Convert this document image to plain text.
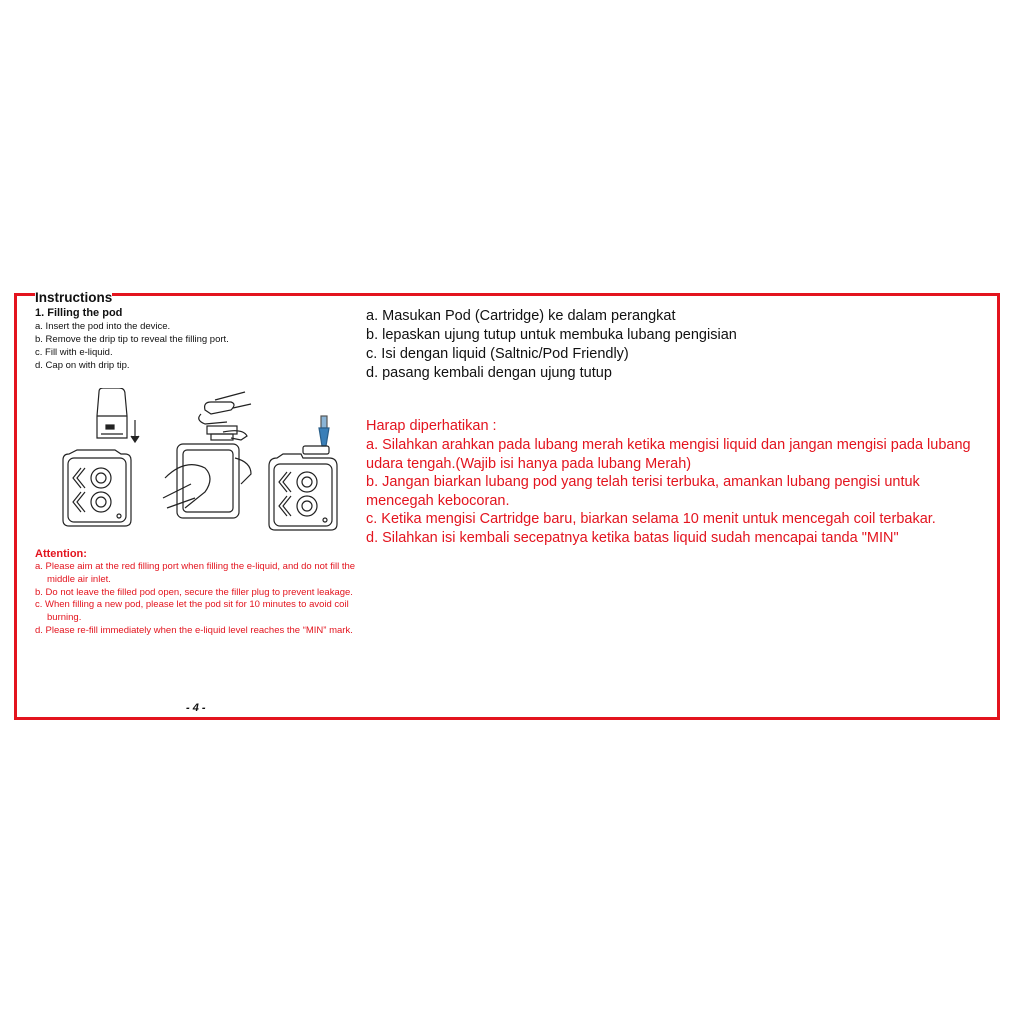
Instructions
1. Filling the pod
a. Insert the pod into the device.
b. Remove the drip tip to reveal the filling port.
c. Fill with e-liquid.
d. Cap on with drip tip.
Attention:
a. Please aim at the red filling port when filling the e-liquid, and do not fill the middle air inlet.
b. Do not leave the filled pod open, secure the filler plug to prevent leakage.
c. When filling a new pod, please let the pod sit for 10 minutes to avoid coil burning.
d. Please re-fill immediately when the e-liquid level reaches the “MIN” mark.
- 4 -
a. Masukan Pod (Cartridge) ke dalam perangkat
b. lepaskan ujung tutup untuk membuka lubang pengisian
c. Isi dengan liquid (Saltnic/Pod Friendly)
d. pasang kembali dengan ujung tutup
Harap diperhatikan :
a. Silahkan arahkan pada lubang merah ketika mengisi liquid dan jangan mengisi pada lubang udara tengah.(Wajib isi hanya pada lubang Merah)
b. Jangan biarkan lubang pod yang telah terisi terbuka, amankan lubang pengisi untuk mencegah kebocoran.
c. Ketika mengisi Cartridge baru, biarkan selama 10 menit untuk mencegah coil terbakar.
d. Silahkan isi kembali secepatnya ketika batas liquid sudah mencapai tanda "MIN"
